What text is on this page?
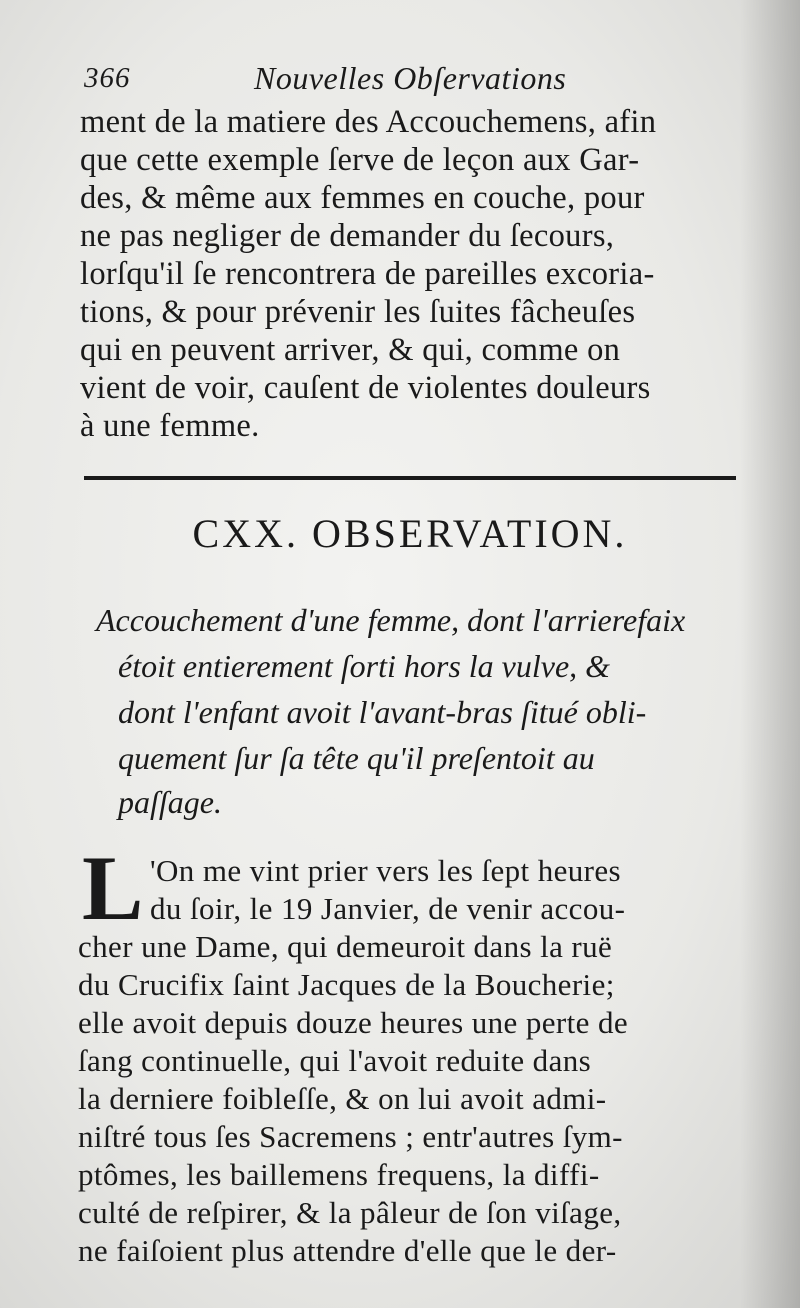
366	Nouvelles Obſervations
ment de la matiere des Accouchemens, afin
que cette exemple ſerve de leçon aux Gar-
des, & même aux femmes en couche, pour
ne pas negliger de demander du ſecours,
lorſqu'il ſe rencontrera de pareilles excoria-
tions, & pour prévenir les ſuites fâcheuſes
qui en peuvent arriver, & qui, comme on
vient de voir, cauſent de violentes douleurs
à une femme.
CXX. OBSERVATION.
Accouchement d'une femme, dont l'arrierefaix
étoit entierement ſorti hors la vulve, &
dont l'enfant avoit l'avant-bras ſitué obli-
quement ſur ſa tête qu'il preſentoit au
paſſage.
L 'On me vint prier vers les ſept heures
du ſoir, le 19 Janvier, de venir accou-
cher une Dame, qui demeuroit dans la ruë
du Crucifix ſaint Jacques de la Boucherie;
elle avoit depuis douze heures une perte de
ſang continuelle, qui l'avoit reduite dans
la derniere foibleſſe, & on lui avoit admi-
niſtré tous ſes Sacremens ; entr'autres ſym-
ptômes, les baillemens frequens, la diffi-
culté de reſpirer, & la pâleur de ſon viſage,
ne faiſoient plus attendre d'elle que le der-
